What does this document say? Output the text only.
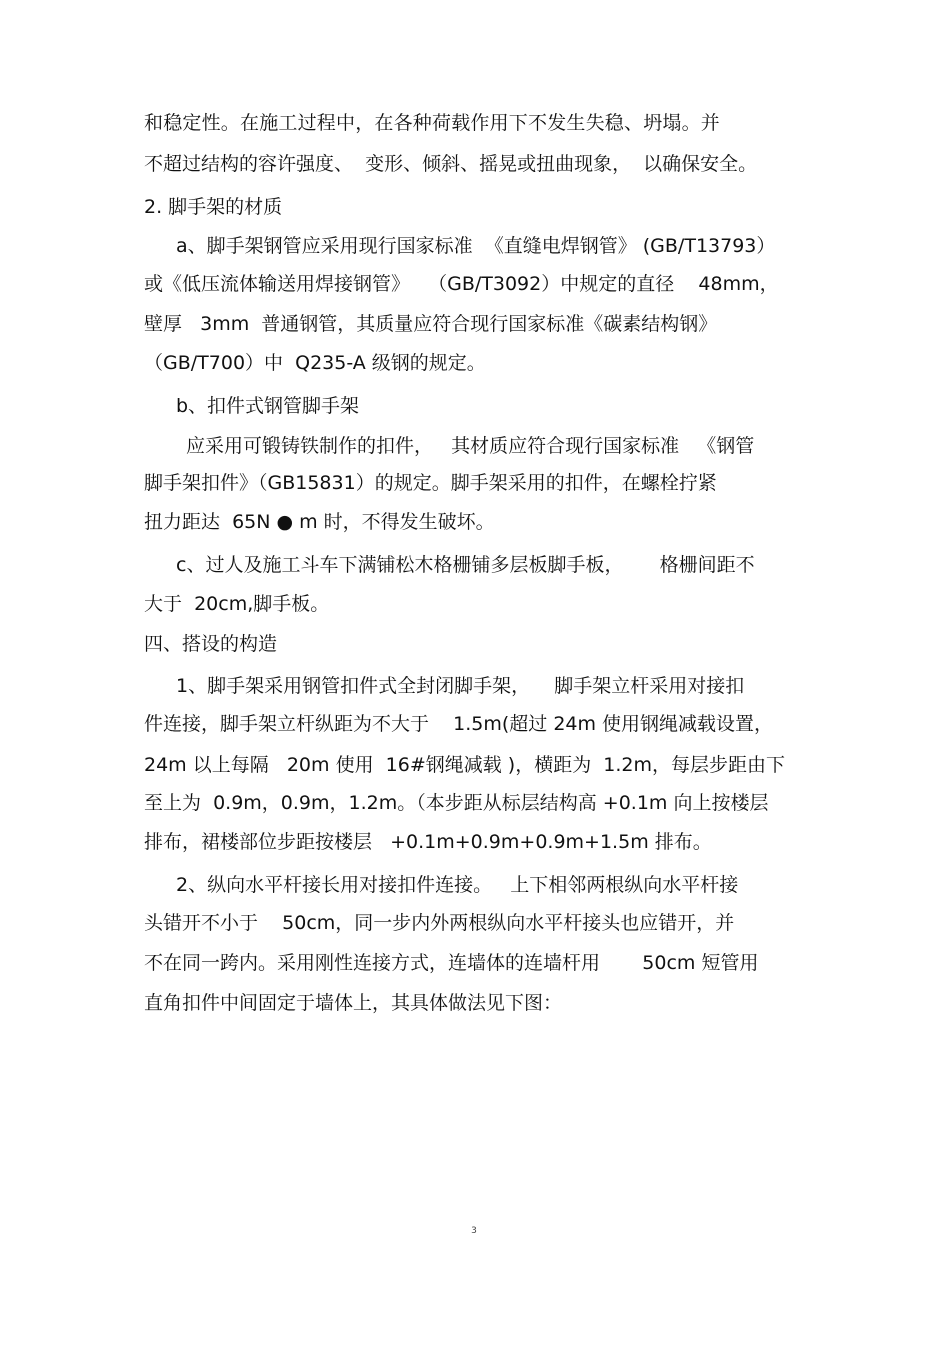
和稳定性。在施工过程中，在各种荷载作用下不发生失稳、坍塌。并
不超过结构的容许强度、  变形、倾斜、摇晃或扭曲现象，  以确保安全。
2. 脚手架的材质
a、脚手架钢管应采用现行国家标准  《直缝电焊钢管》 (GB/T13793）
或《低压流体输送用焊接钢管》   （GB/T3092）中规定的直径    48mm，
壁厚   3mm  普通钢管，其质量应符合现行国家标准《碳素结构钢》
（GB/T700）中  Q235-A 级钢的规定。
b、扣件式钢管脚手架
应采用可锻铸铁制作的扣件，   其材质应符合现行国家标准   《钢管
脚手架扣件》（GB15831）的规定。脚手架采用的扣件，在螺栓拧紧
扭力距达  65N ● m 时，不得发生破坏。
c、过人及施工斗车下满铺松木格栅铺多层板脚手板，      格栅间距不
大于  20cm,脚手板。
四、搭设的构造
1、脚手架采用钢管扣件式全封闭脚手架，    脚手架立杆采用对接扣
件连接，脚手架立杆纵距为不大于    1.5m(超过 24m 使用钢绳减载设置，
24m 以上每隔   20m 使用  16#钢绳减载 )，横距为  1.2m，每层步距由下
至上为  0.9m，0.9m，1.2m。（本步距从标层结构高 +0.1m 向上按楼层
排布，裙楼部位步距按楼层   +0.1m+0.9m+0.9m+1.5m 排布。
2、纵向水平杆接长用对接扣件连接。   上下相邻两根纵向水平杆接
头错开不小于    50cm，同一步内外两根纵向水平杆接头也应错开，并
不在同一跨内。采用刚性连接方式，连墙体的连墙杆用       50cm 短管用
直角扣件中间固定于墙体上，其具体做法见下图：
3
